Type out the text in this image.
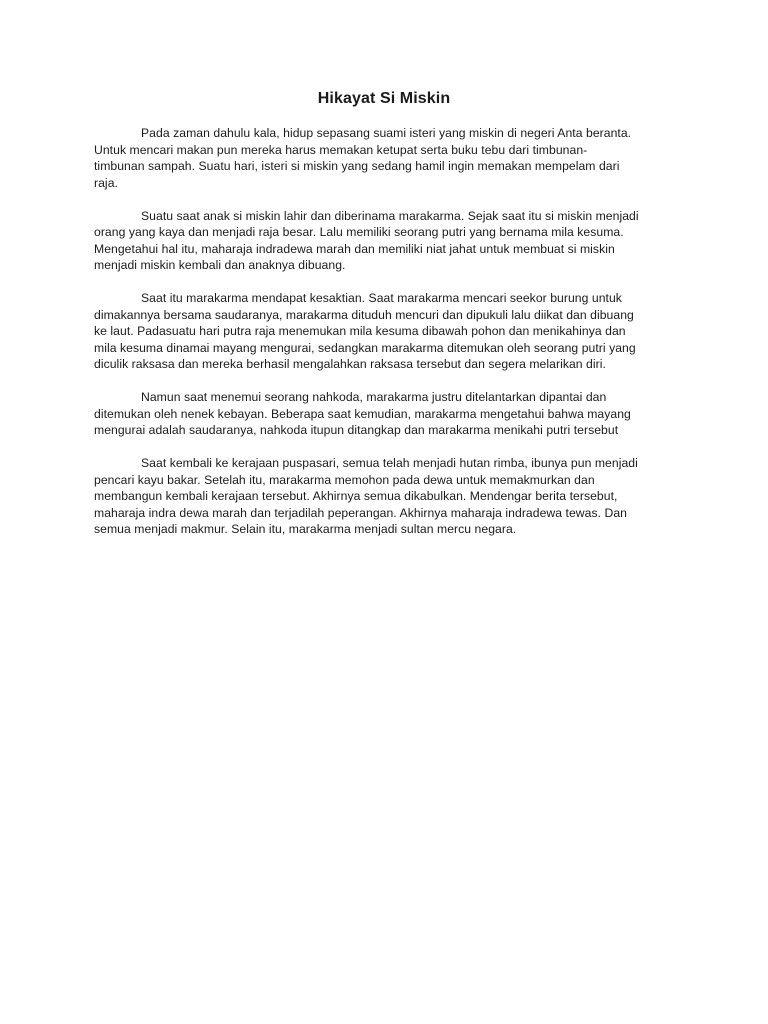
Hikayat Si Miskin
Pada zaman dahulu kala, hidup sepasang suami isteri yang miskin di negeri Anta beranta.
Untuk mencari makan pun mereka harus memakan ketupat serta buku tebu dari timbunan-
timbunan sampah. Suatu hari, isteri si miskin yang sedang hamil ingin memakan mempelam dari
raja.
Suatu saat anak si miskin lahir dan diberinama marakarma. Sejak saat itu si miskin menjadi
orang yang kaya dan menjadi raja besar. Lalu memiliki seorang putri yang bernama mila kesuma.
Mengetahui hal itu, maharaja indradewa marah dan memiliki niat jahat untuk membuat si miskin
menjadi miskin kembali dan anaknya dibuang.
Saat itu marakarma mendapat kesaktian. Saat marakarma mencari seekor burung untuk
dimakannya bersama saudaranya, marakarma dituduh mencuri dan dipukuli lalu diikat dan dibuang
ke laut. Padasuatu hari putra raja menemukan mila kesuma dibawah pohon dan menikahinya dan
mila kesuma dinamai mayang mengurai, sedangkan marakarma ditemukan oleh seorang putri yang
diculik raksasa dan mereka berhasil mengalahkan raksasa tersebut dan segera melarikan diri.
Namun saat menemui seorang nahkoda, marakarma justru ditelantarkan dipantai dan
ditemukan oleh nenek kebayan. Beberapa saat kemudian, marakarma mengetahui bahwa mayang
mengurai adalah saudaranya, nahkoda itupun ditangkap dan marakarma menikahi putri tersebut
Saat kembali ke kerajaan puspasari, semua telah menjadi hutan rimba, ibunya pun menjadi
pencari kayu bakar. Setelah itu, marakarma memohon pada dewa untuk memakmurkan dan
membangun kembali kerajaan tersebut. Akhirnya semua dikabulkan. Mendengar berita tersebut,
maharaja indra dewa marah dan terjadilah peperangan. Akhirnya maharaja indradewa tewas. Dan
semua menjadi makmur. Selain itu, marakarma menjadi sultan mercu negara.
